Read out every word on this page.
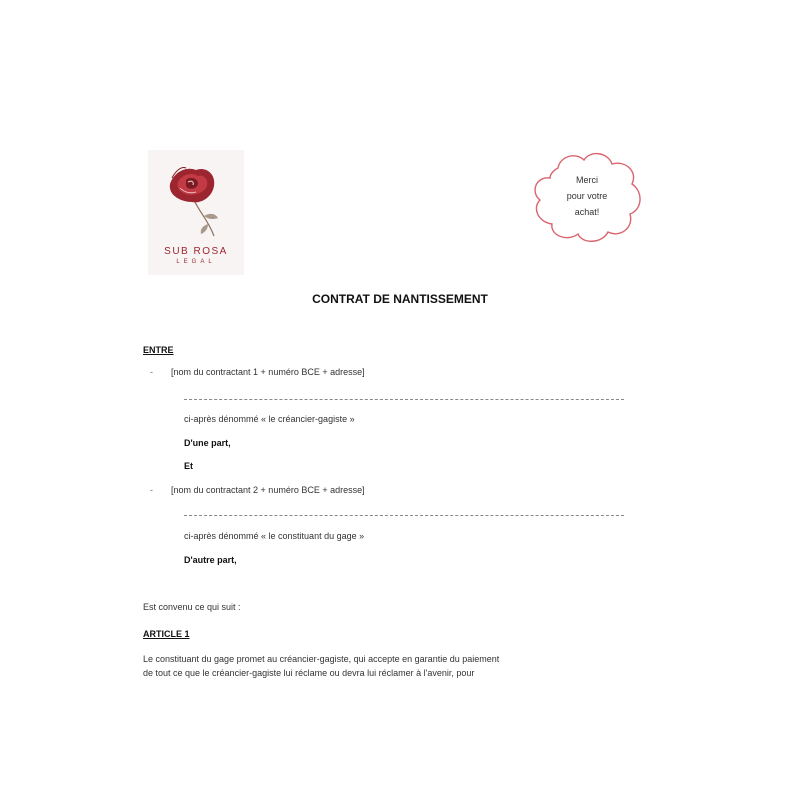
SUB ROSA
LEGAL
Merci
pour votre
achat!
CONTRAT DE NANTISSEMENT
ENTRE
- [nom du contractant 1 + numéro BCE + adresse]
ci-après dénommé « le créancier-gagiste »
D'une part,
Et
- [nom du contractant 2 + numéro BCE + adresse]
ci-après dénommé « le constituant du gage »
D'autre part,
Est convenu ce qui suit :
ARTICLE 1
Le constituant du gage promet au créancier-gagiste, qui accepte en garantie du paiement
de tout ce que le créancier-gagiste lui réclame ou devra lui réclamer à l'avenir, pour
